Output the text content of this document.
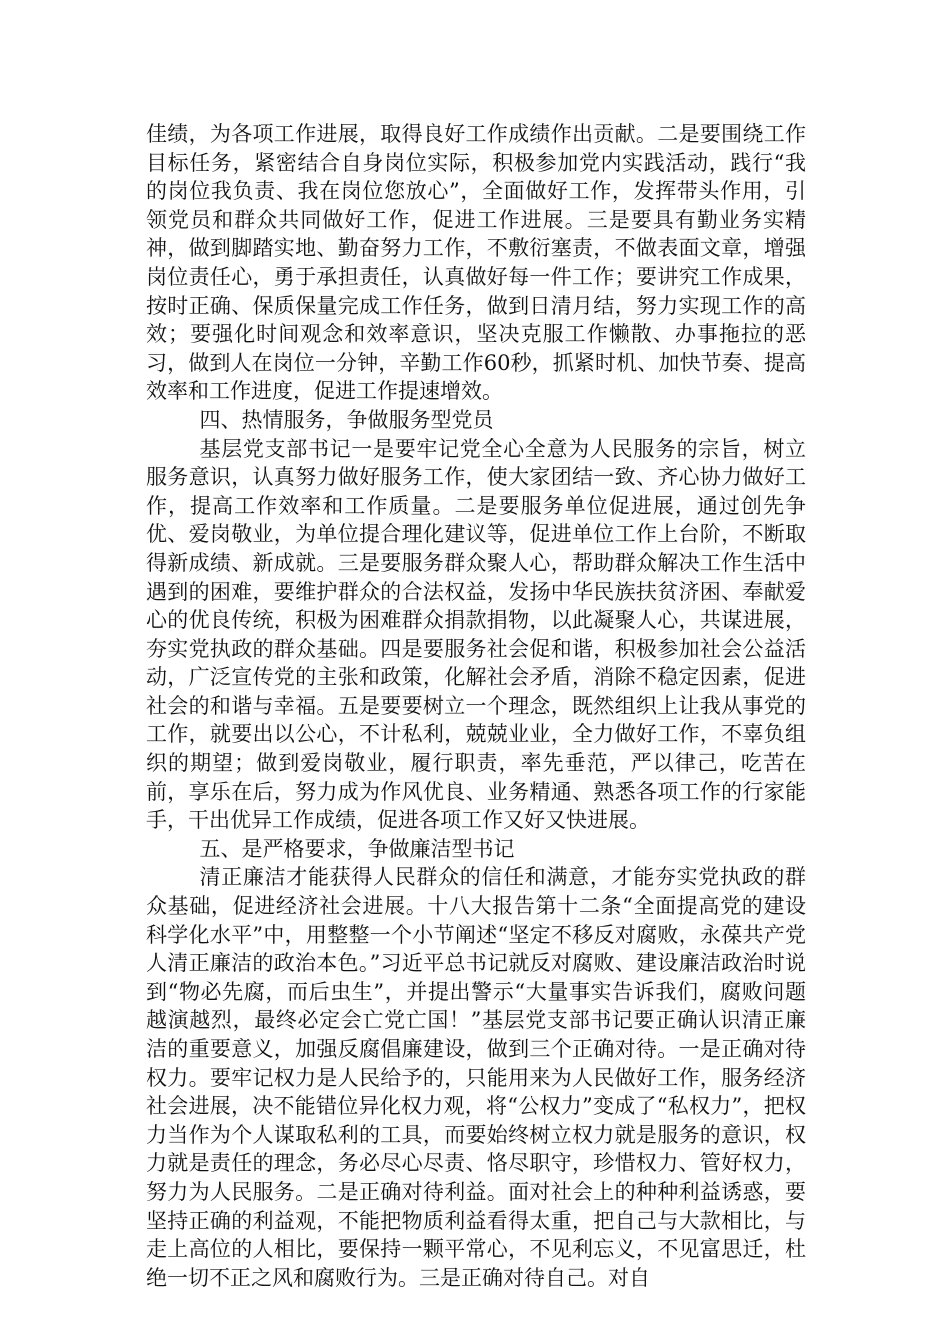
佳绩，为各项工作进展，取得良好工作成绩作出贡献。二是要围绕工作目标任务，紧密结合自身岗位实际，积极参加党内实践活动，践行“我的岗位我负责、我在岗位您放心”，全面做好工作，发挥带头作用，引领党员和群众共同做好工作，促进工作进展。三是要具有勤业务实精神，做到脚踏实地、勤奋努力工作，不敷衍塞责，不做表面文章，增强岗位责任心，勇于承担责任，认真做好每一件工作；要讲究工作成果，按时正确、保质保量完成工作任务，做到日清月结，努力实现工作的高效；要强化时间观念和效率意识，坚决克服工作懒散、办事拖拉的恶习，做到人在岗位一分钟，辛勤工作60秒，抓紧时机、加快节奏、提高效率和工作进度，促进工作提速增效。

四、热情服务，争做服务型党员

基层党支部书记一是要牢记党全心全意为人民服务的宗旨，树立服务意识，认真努力做好服务工作，使大家团结一致、齐心协力做好工作，提高工作效率和工作质量。二是要服务单位促进展，通过创先争优、爱岗敬业，为单位提合理化建议等，促进单位工作上台阶，不断取得新成绩、新成就。三是要服务群众聚人心，帮助群众解决工作生活中遇到的困难，要维护群众的合法权益，发扬中华民族扶贫济困、奉献爱心的优良传统，积极为困难群众捐款捐物，以此凝聚人心，共谋进展，夯实党执政的群众基础。四是要服务社会促和谐，积极参加社会公益活动，广泛宣传党的主张和政策，化解社会矛盾，消除不稳定因素，促进社会的和谐与幸福。五是要要树立一个理念，既然组织上让我从事党的工作，就要出以公心，不计私利，兢兢业业，全力做好工作，不辜负组织的期望；做到爱岗敬业，履行职责，率先垂范，严以律己，吃苦在前，享乐在后，努力成为作风优良、业务精通、熟悉各项工作的行家能手，干出优异工作成绩，促进各项工作又好又快进展。

五、是严格要求，争做廉洁型书记

清正廉洁才能获得人民群众的信任和满意，才能夯实党执政的群众基础，促进经济社会进展。十八大报告第十二条“全面提高党的建设科学化水平”中，用整整一个小节阐述“坚定不移反对腐败，永葆共产党人清正廉洁的政治本色。”习近平总书记就反对腐败、建设廉洁政治时说到“物必先腐，而后虫生”，并提出警示“大量事实告诉我们，腐败问题越演越烈，最终必定会亡党亡国！”基层党支部书记要正确认识清正廉洁的重要意义，加强反腐倡廉建设，做到三个正确对待。一是正确对待权力。要牢记权力是人民给予的，只能用来为人民做好工作，服务经济社会进展，决不能错位异化权力观，将“公权力”变成了“私权力”，把权力当作为个人谋取私利的工具，而要始终树立权力就是服务的意识，权力就是责任的理念，务必尽心尽责、恪尽职守，珍惜权力、管好权力，努力为人民服务。二是正确对待利益。面对社会上的种种利益诱惑，要坚持正确的利益观，不能把物质利益看得太重，把自己与大款相比，与走上高位的人相比，要保持一颗平常心，不见利忘义，不见富思迁，杜绝一切不正之风和腐败行为。三是正确对待自己。对自
